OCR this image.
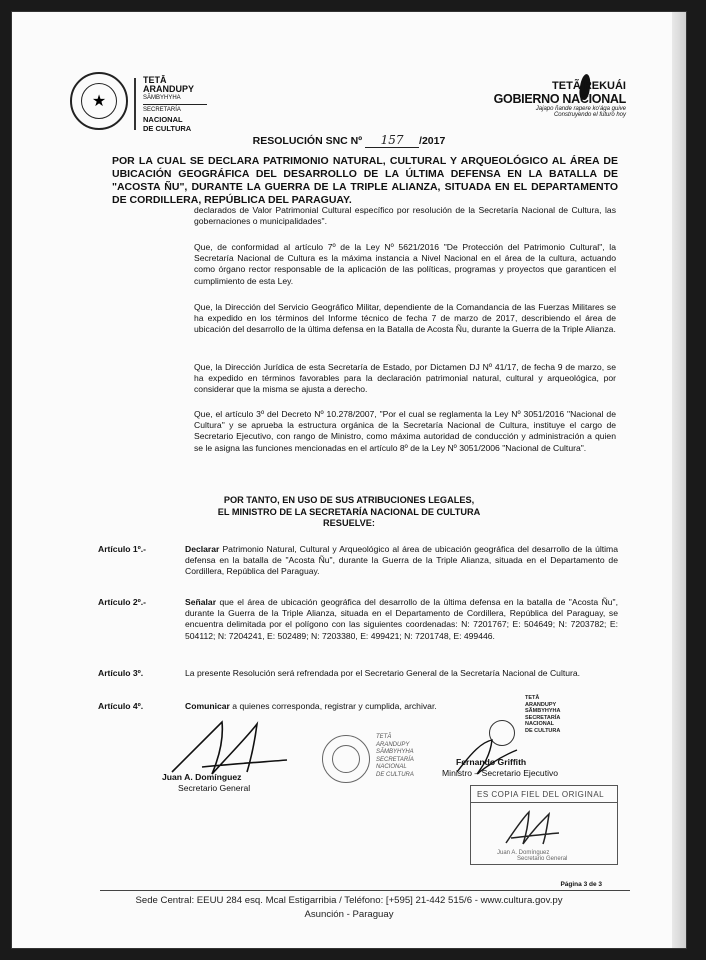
★
TETĀ
ARANDUPY
SÃMBYHYHA
SECRETARÍA
NACIONAL
DE CULTURA
TETÃ REKUÁI
GOBIERNO NACIONAL
Jajapo ñande rapere ko'ága guive
Construyendo el futuro hoy
RESOLUCIÓN SNC Nº 157 /2017
POR LA CUAL SE DECLARA PATRIMONIO NATURAL, CULTURAL Y ARQUEOLÓGICO AL ÁREA DE UBICACIÓN GEOGRÁFICA DEL DESARROLLO DE LA ÚLTIMA DEFENSA EN LA BATALLA DE "ACOSTA ÑU", DURANTE LA GUERRA DE LA TRIPLE ALIANZA, SITUADA EN EL DEPARTAMENTO DE CORDILLERA, REPÚBLICA DEL PARAGUAY.

declarados de Valor Patrimonial Cultural específico por resolución de la Secretaría Nacional de Cultura, las gobernaciones o municipalidades".

Que, de conformidad al artículo 7º de la Ley Nº 5621/2016 "De Protección del Patrimonio Cultural", la Secretaría Nacional de Cultura es la máxima instancia a Nivel Nacional en el área de la cultura, actuando como órgano rector responsable de la aplicación de las políticas, programas y proyectos que garanticen el cumplimiento de esta Ley.

Que, la Dirección del Servicio Geográfico Militar, dependiente de la Comandancia de las Fuerzas Militares se ha expedido en los términos del Informe técnico de fecha 7 de marzo de 2017, describiendo el área de ubicación del desarrollo de la última defensa en la Batalla de Acosta Ñu, durante la Guerra de la Triple Alianza.

Que, la Dirección Jurídica de esta Secretaría de Estado, por Dictamen DJ Nº 41/17, de fecha 9 de marzo, se ha expedido en términos favorables para la declaración patrimonial natural, cultural y arqueológica, por considerar que la misma se ajusta a derecho.

Que, el artículo 3º del Decreto Nº 10.278/2007, "Por el cual se reglamenta la Ley Nº 3051/2016 "Nacional de Cultura" y se aprueba la estructura orgánica de la Secretaría Nacional de Cultura, instituye el cargo de Secretario Ejecutivo, con rango de Ministro, como máxima autoridad de conducción y administración a quien se le asigna las funciones mencionadas en el artículo 8º de la Ley Nº 3051/2006 "Nacional de Cultura".

POR TANTO, EN USO DE SUS ATRIBUCIONES LEGALES,
EL MINISTRO DE LA SECRETARÍA NACIONAL DE CULTURA
RESUELVE:
Artículo 1º.-	Declarar Patrimonio Natural, Cultural y Arqueológico al área de ubicación geográfica del desarrollo de la última defensa en la batalla de "Acosta Ñu", durante la Guerra de la Triple Alianza, situada en el Departamento de Cordillera, República del Paraguay.
Artículo 2º.-	Señalar que el área de ubicación geográfica del desarrollo de la última defensa en la batalla de "Acosta Ñu", durante la Guerra de la Triple Alianza, situada en el Departamento de Cordillera, República del Paraguay, se encuentra delimitada por el polígono con las siguientes coordenadas: N: 7201767; E: 504649; N: 7203782; E: 504112; N: 7204241, E: 502489; N: 7203380, E: 499421; N: 7201748, E: 499446.
Artículo 3º.	La presente Resolución será refrendada por el Secretario General de la Secretaría Nacional de Cultura.
Artículo 4º.	Comunicar a quienes corresponda, registrar y cumplida, archivar.
Juan A. Domínguez
Secretario General
TETĀ
ARANDUPY
SÃMBYHYHA
SECRETARÍA
NACIONAL
DE CULTURA
TETĀ
ARANDUPY
SÃMBYHYHA
SECRETARÍA
NACIONAL
DE CULTURA
Fernando Griffith
Ministro – Secretario Ejecutivo
ES COPIA FIEL DEL ORIGINAL
Juan A. Domínguez
Secretario General
Página 3 de 3
Sede Central: EEUU 284 esq. Mcal Estigarribia / Teléfono: [+595] 21-442 515/6 - www.cultura.gov.py
Asunción - Paraguay
